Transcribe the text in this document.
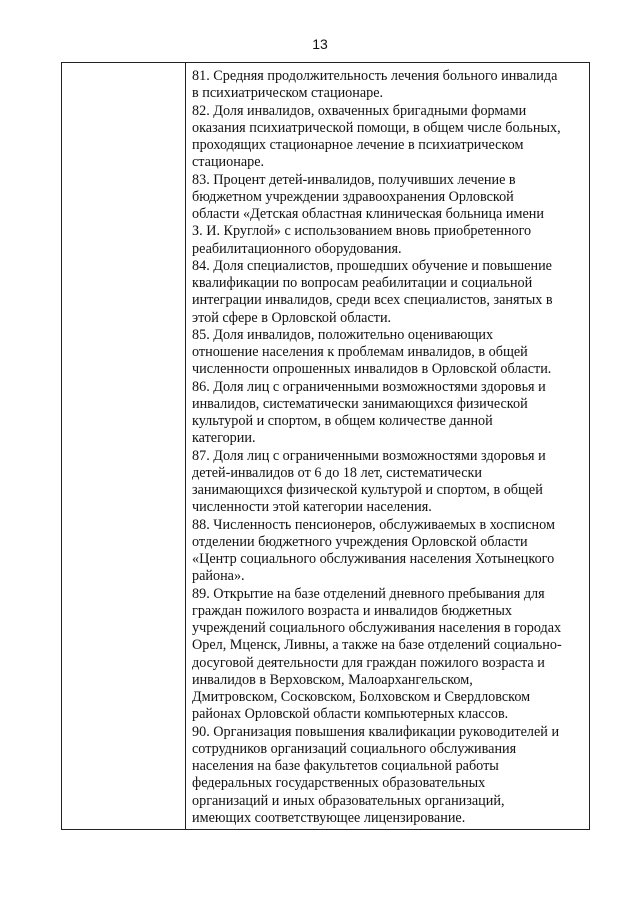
13

81. Средняя продолжительность лечения больного инвалида
в психиатрическом стационаре.

82. Доля инвалидов, охваченных бригадными формами
оказания психиатрической помощи, в общем числе больных,
проходящих стационарное лечение в психиатрическом
стационаре.

83. Процент детей-инвалидов, получивших лечение в
бюджетном учреждении здравоохранения Орловской
области «Детская областная клиническая больница имени
З. И. Круглой» с использованием вновь приобретенного
реабилитационного оборудования.

84. Доля специалистов, прошедших обучение и повышение
квалификации по вопросам реабилитации и социальной
интеграции инвалидов, среди всех специалистов, занятых в
этой сфере в Орловской области.

85. Доля инвалидов, положительно оценивающих
отношение населения к проблемам инвалидов, в общей
численности опрошенных инвалидов в Орловской области.

86. Доля лиц с ограниченными возможностями здоровья и
инвалидов, систематически занимающихся физической
культурой и спортом, в общем количестве данной
категории.

87. Доля лиц с ограниченными возможностями здоровья и
детей-инвалидов от 6 до 18 лет, систематически
занимающихся физической культурой и спортом, в общей
численности этой категории населения.

88. Численность пенсионеров, обслуживаемых в хосписном
отделении бюджетного учреждения Орловской области
«Центр социального обслуживания населения Хотынецкого
района».

89. Открытие на базе отделений дневного пребывания для
граждан пожилого возраста и инвалидов бюджетных
учреждений социального обслуживания населения в городах
Орел, Мценск, Ливны, а также на базе отделений социально-
досуговой деятельности для граждан пожилого возраста и
инвалидов в Верховском, Малоархангельском,
Дмитровском, Сосковском, Болховском и Свердловском
районах Орловской области компьютерных классов.

90. Организация повышения квалификации руководителей и
сотрудников организаций социального обслуживания
населения на базе факультетов социальной работы
федеральных государственных образовательных
организаций и иных образовательных организаций,
имеющих соответствующее лицензирование.
